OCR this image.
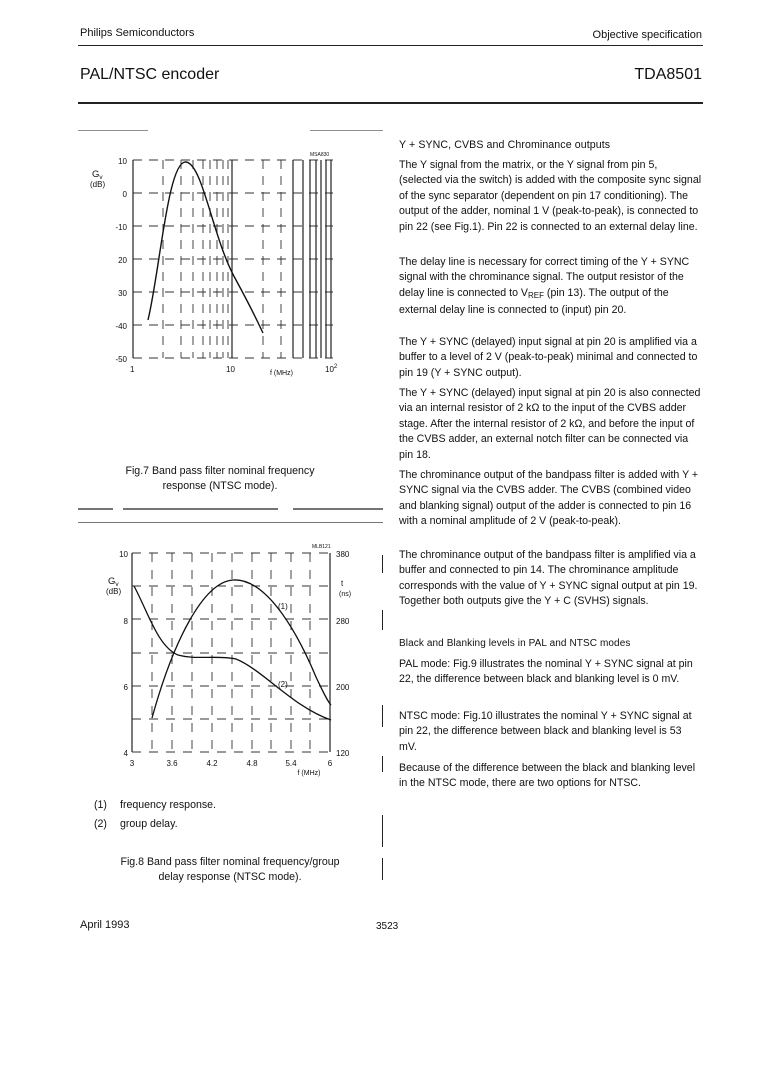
Philips Semiconductors	Objective specification
PAL/NTSC encoder	TDA8501
MSA830
$G_v$
(dB)
10
0
-10
20
30
-40
-50
1	10	f (MHz)	$10^2$
Fig.7 Band pass filter nominal frequency
response (NTSC mode).
MLB121
$G_v$
(dB)
10
8
6
4
380
t
(ns)
280
200
120
3	3.6	4.2	4.8	5.4	6
f (MHz)
(1)
(2)
(1) frequency response.
(2) group delay.
Fig.8 Band pass filter nominal frequency/group
delay response (NTSC mode).
Y + SYNC, CVBS and Chrominance outputs

The Y signal from the matrix, or the Y signal from pin 5, (selected via the switch) is added with the composite sync signal of the sync separator (dependent on pin 17 conditioning). The output of the adder, nominal 1 V (peak-to-peak), is connected to pin 22 (see Fig.1). Pin 22 is connected to an external delay line.

The delay line is necessary for correct timing of the Y + SYNC signal with the chrominance signal. The output resistor of the delay line is connected to $V_{REF}$ (pin 13). The output of the external delay line is connected to (input) pin 20.

The Y + SYNC (delayed) input signal at pin 20 is amplified via a buffer to a level of 2 V (peak-to-peak) minimal and connected to pin 19 (Y + SYNC output).

The Y + SYNC (delayed) input signal at pin 20 is also connected via an internal resistor of 2 kΩ to the input of the CVBS adder stage. After the internal resistor of 2 kΩ, and before the input of the CVBS adder, an external notch filter can be connected via pin 18.

The chrominance output of the bandpass filter is added with Y + SYNC signal via the CVBS adder. The CVBS (combined video and blanking signal) output of the adder is connected to pin 16 with a nominal amplitude of 2 V (peak-to-peak).

The chrominance output of the bandpass filter is amplified via a buffer and connected to pin 14. The chrominance amplitude corresponds with the value of Y + SYNC signal output at pin 19. Together both outputs give the Y + C (SVHS) signals.

Black and Blanking levels in PAL and NTSC modes

PAL mode: Fig.9 illustrates the nominal Y + SYNC signal at pin 22, the difference between black and blanking level is 0 mV.

NTSC mode: Fig.10 illustrates the nominal Y + SYNC signal at pin 22, the difference between black and blanking level is 53 mV.

Because of the difference between the black and blanking level in the NTSC mode, there are two options for NTSC.

April 1993	3523
